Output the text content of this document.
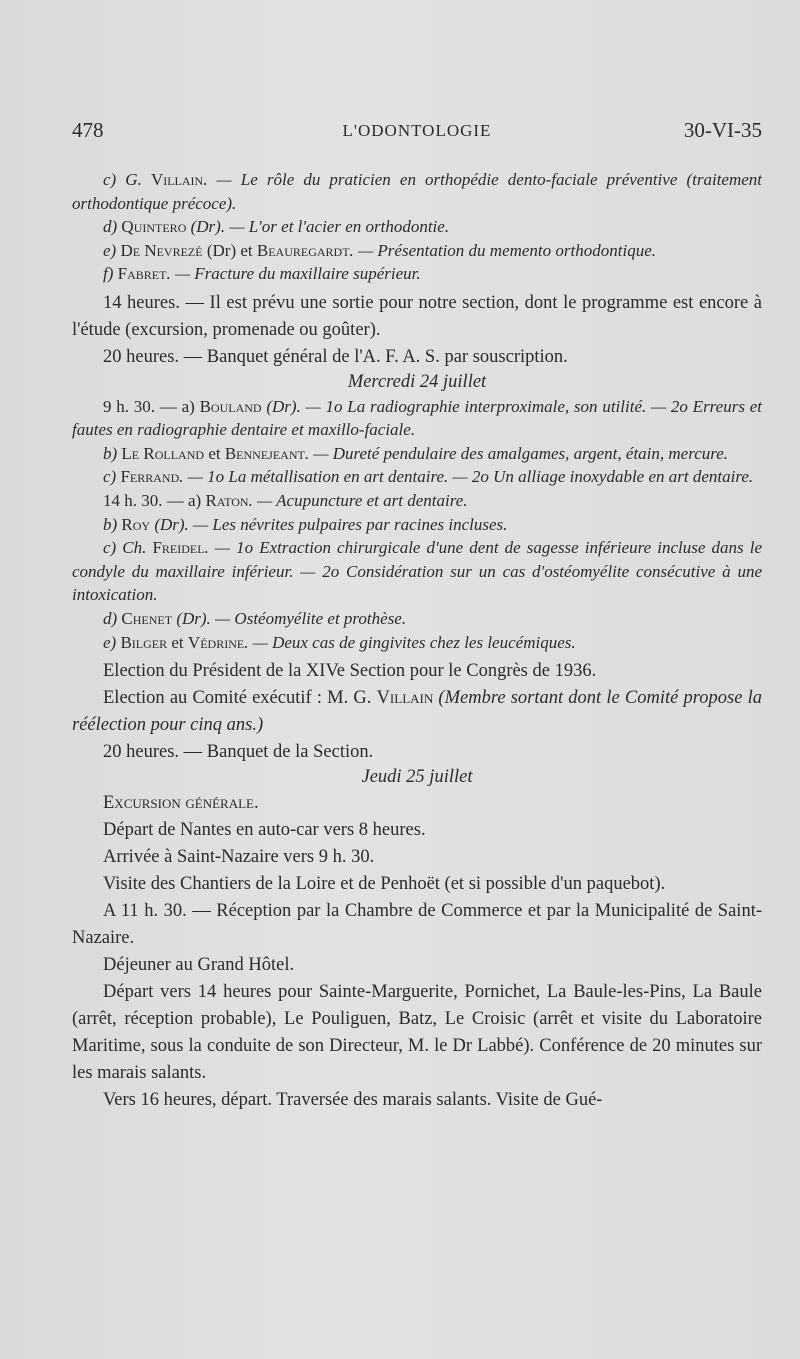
478	L'ODONTOLOGIE	30-VI-35

c) G. Villain. — Le rôle du praticien en orthopédie dento-faciale préventive (traitement orthodontique précoce).

d) Quintero (Dr). — L'or et l'acier en orthodontie.

e) De Nevrezé (Dr) et Beauregardt. — Présentation du memento orthodontique.

f) Fabret. — Fracture du maxillaire supérieur.

14 heures. — Il est prévu une sortie pour notre section, dont le programme est encore à l'étude (excursion, promenade ou goûter).

20 heures. — Banquet général de l'A. F. A. S. par souscription.

Mercredi 24 juillet

9 h. 30. — a) Bouland (Dr). — 1o La radiographie interproximale, son utilité. — 2o Erreurs et fautes en radiographie dentaire et maxillo-faciale.

b) Le Rolland et Bennejeant. — Dureté pendulaire des amalgames, argent, étain, mercure.

c) Ferrand. — 1o La métallisation en art dentaire. — 2o Un alliage inoxydable en art dentaire.

14 h. 30. — a) Raton. — Acupuncture et art dentaire.

b) Roy (Dr). — Les névrites pulpaires par racines incluses.

c) Ch. Freidel. — 1o Extraction chirurgicale d'une dent de sagesse inférieure incluse dans le condyle du maxillaire inférieur. — 2o Considération sur un cas d'ostéomyélite consécutive à une intoxication.

d) Chenet (Dr). — Ostéomyélite et prothèse.

e) Bilger et Védrine. — Deux cas de gingivites chez les leucémiques.

Election du Président de la XIVe Section pour le Congrès de 1936.

Election au Comité exécutif : M. G. Villain (Membre sortant dont le Comité propose la réélection pour cinq ans.)

20 heures. — Banquet de la Section.

Jeudi 25 juillet

Excursion générale.

Départ de Nantes en auto-car vers 8 heures.

Arrivée à Saint-Nazaire vers 9 h. 30.

Visite des Chantiers de la Loire et de Penhoët (et si possible d'un paquebot).

A 11 h. 30. — Réception par la Chambre de Commerce et par la Municipalité de Saint-Nazaire.

Déjeuner au Grand Hôtel.

Départ vers 14 heures pour Sainte-Marguerite, Pornichet, La Baule-les-Pins, La Baule (arrêt, réception probable), Le Pouliguen, Batz, Le Croisic (arrêt et visite du Laboratoire Maritime, sous la conduite de son Directeur, M. le Dr Labbé). Conférence de 20 minutes sur les marais salants.

Vers 16 heures, départ. Traversée des marais salants. Visite de Gué-
